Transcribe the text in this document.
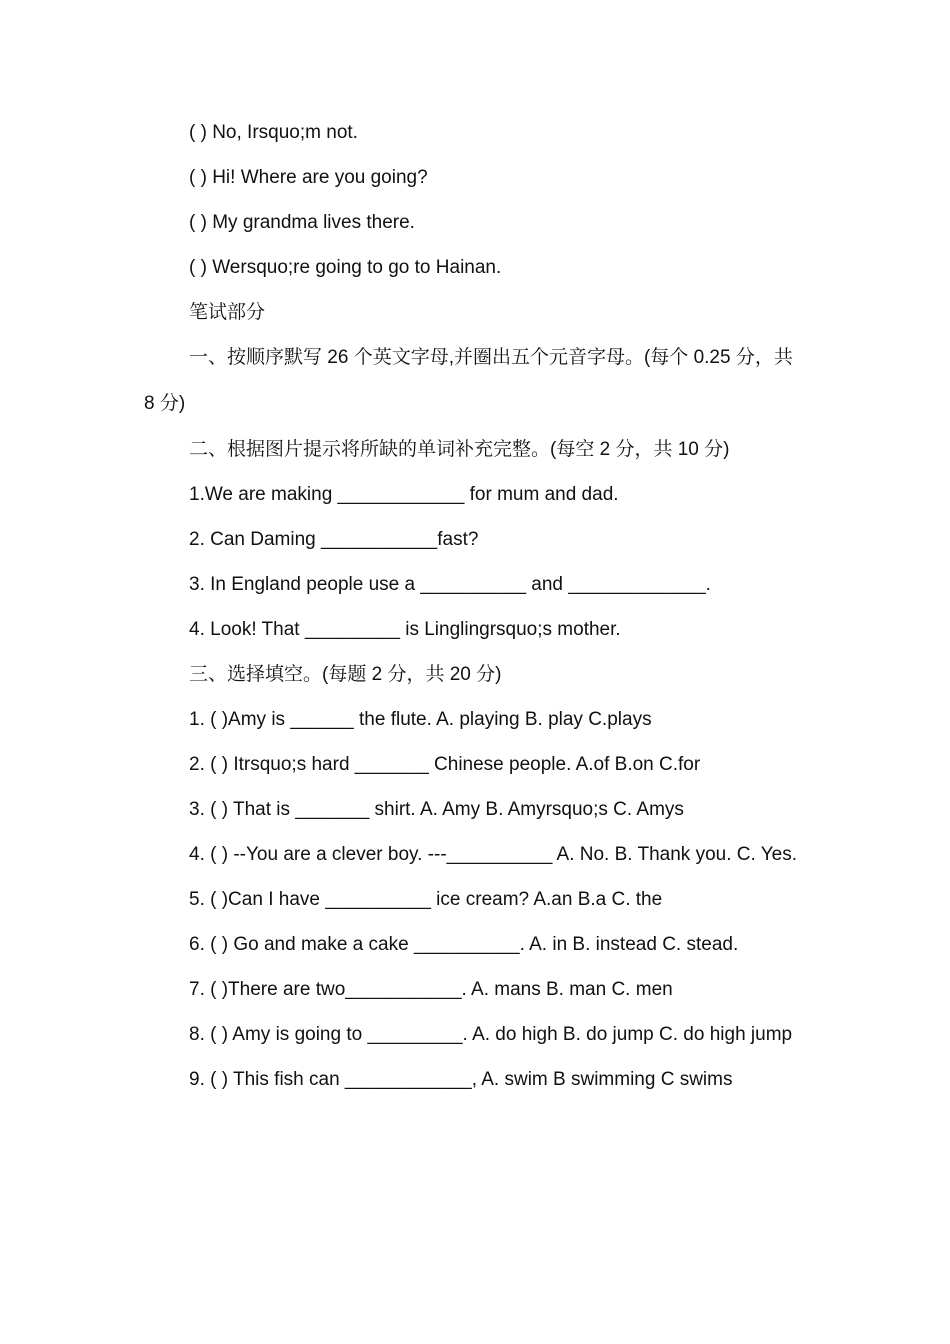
( ) No, Irsquo;m not.

( ) Hi! Where are you going?

( ) My grandma lives there.

( ) Wersquo;re going to go to Hainan.

笔试部分

一、按顺序默写 26 个英文字母,并圈出五个元音字母。(每个 0.25 分，共 8 分)

二、根据图片提示将所缺的单词补充完整。(每空 2 分，共 10 分)

1.We are making ____________ for mum and dad.

2. Can Daming ___________fast?

3. In England people use a __________ and _____________.

4. Look! That _________ is Linglingrsquo;s mother.

三、选择填空。(每题 2 分，共 20 分)

1. ( )Amy is ______ the flute. A. playing B. play C.plays

2. ( ) Itrsquo;s hard _______ Chinese people. A.of B.on C.for

3. ( ) That is _______ shirt. A. Amy B. Amyrsquo;s C. Amys

4. ( ) --You are a clever boy. ---__________ A. No. B. Thank you. C. Yes.

5. ( )Can I have __________ ice cream? A.an B.a C. the

6. ( ) Go and make a cake __________. A. in B. instead C. stead.

7. ( )There are two___________. A. mans B. man C. men

8. ( ) Amy is going to _________. A. do high B. do jump C. do high jump

9. ( ) This fish can ____________, A. swim B swimming C swims
